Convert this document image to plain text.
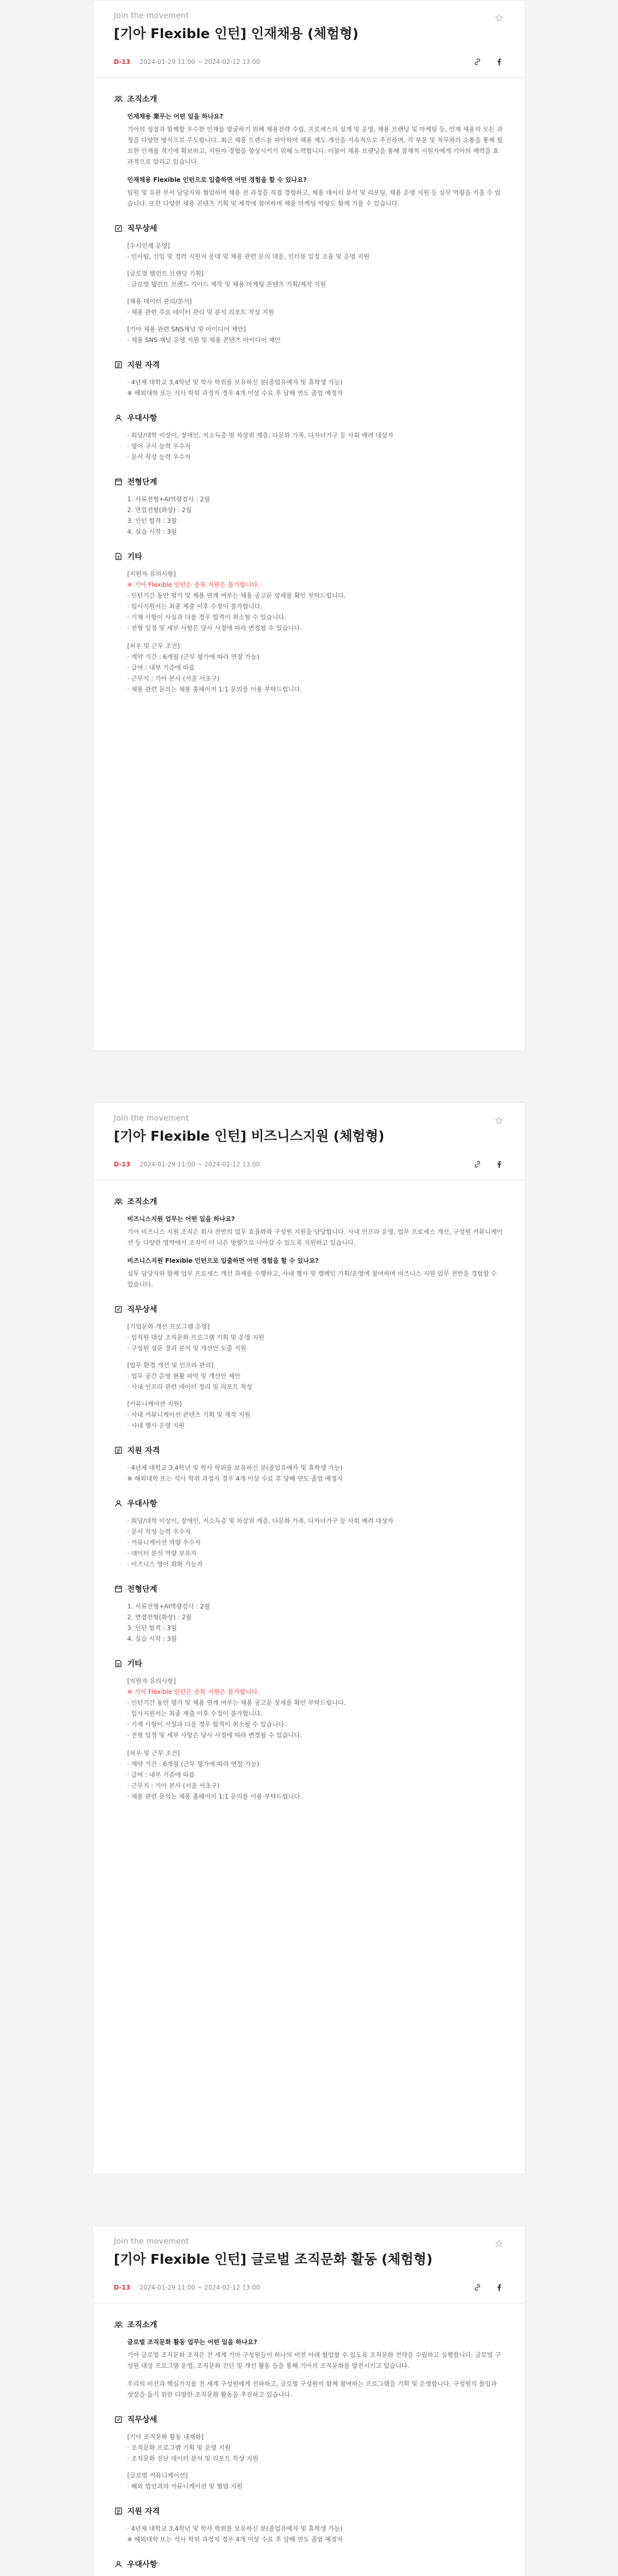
Join the movement
[기아 Flexible 인턴] 인재채용 (체험형)
D-13 2024-01-29 11:00 ~ 2024-02-12 13:00
조직소개
인재채용 業무는 어떤 일을 하나요?
기아의 성장과 함께할 우수한 인재를 발굴하기 위해 채용전략 수립, 프로세스의 설계 및 운영, 채용 브랜딩 및 마케팅 등, 인재 채용의 모든 과정을 다양한 방식으로 주도합니다. 최근 채용 트렌드를 파악하여 채용 제도 개선을 지속적으로 추진하며, 각 부문 및 직무와의 소통을 통해 필요한 인재를 적기에 확보하고, 지원자 경험을 향상시키기 위해 노력합니다. 더불어 채용 브랜딩을 통해 잠재적 지원자에게 기아의 매력을 효과적으로 알리고 있습니다.
인재채용 Flexible 인턴으로 입출하면 어떤 경험을 할 수 있나요?
팀원 및 유관 부서 담당자와 협업하며 채용 전 과정을 직접 경험하고, 채용 데이터 분석 및 리포팅, 채용 운영 지원 등 실무 역량을 키울 수 있습니다. 또한 다양한 채용 콘텐츠 기획 및 제작에 참여하며 채용 마케팅 역량도 함께 기를 수 있습니다.
직무상세
[수시인재 운영]
· 인사팀, 신입 및 경력 지원자 응대 및 채용 관련 문의 대응, 인터뷰 일정 조율 및 운영 지원
[글로벌 탤런트 브랜딩 기획]
· 글로벌 탤런트 브랜드 가이드 제작 및 채용 마케팅 콘텐츠 기획/제작 지원
[채용 데이터 관리/분석]
· 채용 관련 주요 데이터 관리 및 분석 리포트 작성 지원
[기아 채용 관련 SNS채널 및 아이디어 제안]
· 채용 SNS 채널 운영 지원 및 채용 콘텐츠 아이디어 제안
지원 자격
· 4년제 대학교 3,4학년 및 학사 학위를 보유하신 분(졸업유예자 및 휴학생 가능)
※ 해외대학 또는 석사 학위 과정자 경우 4개 이상 수료 후 당해 연도 졸업 예정자
우대사항
· 회당/대학 이상이, 장애인, 저소득층 및 차상위 계층, 다문화 가족, 다자녀가구 등 사회 배려 대상자
· 영어 구사 능력 우수자
· 문서 작성 능력 우수자
전형단계
1. 서류전형+AI역량검사 : 2월
2. 면접전형(화상) : 2월
3. 인턴 합격 : 3월
4. 실습 시작 : 3월
기타
[지원자 유의사항]
※ 기아 Flexible 인턴은 중복 지원은 불가합니다.
· 인턴기간 동안 평가 및 채용 연계 여부는 채용 공고문 상세를 확인 부탁드립니다.
· 입사지원서는 최종 제출 이후 수정이 불가합니다.
· 기재 사항이 사실과 다를 경우 합격이 취소될 수 있습니다.
· 전형 일정 및 세부 사항은 당사 사정에 따라 변경될 수 있습니다.
[처우 및 근무 조건]
· 계약 기간 : 6개월 (근무 평가에 따라 연장 가능)
· 급여 : 내부 기준에 따름
· 근무지 : 기아 본사 (서울 서초구)
· 채용 관련 문의는 채용 홈페이지 1:1 문의를 이용 부탁드립니다.
Join the movement
[기아 Flexible 인턴] 비즈니스지원 (체험형)
D-13 2024-01-29 11:00 ~ 2024-02-12 13:00
조직소개
비즈니스지원 업무는 어떤 일을 하나요?
기아 비즈니스 지원 조직은 회사 전반의 업무 효율화와 구성원 지원을 담당합니다. 사내 인프라 운영, 업무 프로세스 개선, 구성원 커뮤니케이션 등 다양한 영역에서 조직이 더 나은 방향으로 나아갈 수 있도록 지원하고 있습니다.
비즈니스지원 Flexible 인턴으로 입출하면 어떤 경험을 할 수 있나요?
실무 담당자와 함께 업무 프로세스 개선 과제를 수행하고, 사내 행사 및 캠페인 기획/운영에 참여하며 비즈니스 지원 업무 전반을 경험할 수 있습니다.
직무상세
[기업문화 개선 프로그램 운영]
· 임직원 대상 조직문화 프로그램 기획 및 운영 지원
· 구성원 설문 결과 분석 및 개선안 도출 지원
[업무 환경 개선 및 인프라 관리]
· 업무 공간 운영 현황 파악 및 개선안 제안
· 사내 인프라 관련 데이터 정리 및 리포트 작성
[커뮤니케이션 지원]
· 사내 커뮤니케이션 콘텐츠 기획 및 제작 지원
· 사내 행사 운영 지원
지원 자격
· 4년제 대학교 3,4학년 및 학사 학위를 보유하신 분(졸업유예자 및 휴학생 가능)
※ 해외대학 또는 석사 학위 과정자 경우 4개 이상 수료 후 당해 연도 졸업 예정자
우대사항
· 회당/대학 이상이, 장애인, 저소득층 및 차상위 계층, 다문화 가족, 다자녀가구 등 사회 배려 대상자
· 문서 작성 능력 우수자
· 커뮤니케이션 역량 우수자
· 데이터 분석 역량 보유자
· 비즈니스 영어 회화 가능자
전형단계
1. 서류전형+AI역량검사 : 2월
2. 면접전형(화상) : 2월
3. 인턴 합격 : 3월
4. 실습 시작 : 3월
기타
[지원자 유의사항]
※ 기아 Flexible 인턴은 중복 지원은 불가합니다.
· 인턴기간 동안 평가 및 채용 연계 여부는 채용 공고문 상세를 확인 부탁드립니다.
· 입사지원서는 최종 제출 이후 수정이 불가합니다.
· 기재 사항이 사실과 다를 경우 합격이 취소될 수 있습니다.
· 전형 일정 및 세부 사항은 당사 사정에 따라 변경될 수 있습니다.
[처우 및 근무 조건]
· 계약 기간 : 6개월 (근무 평가에 따라 연장 가능)
· 급여 : 내부 기준에 따름
· 근무지 : 기아 본사 (서울 서초구)
· 채용 관련 문의는 채용 홈페이지 1:1 문의를 이용 부탁드립니다.
Join the movement
[기아 Flexible 인턴] 글로벌 조직문화 활동 (체험형)
D-13 2024-01-29 11:00 ~ 2024-02-12 13:00
조직소개
글로벌 조직문화 활동 업무는 어떤 일을 하나요?
기아 글로벌 조직문화 조직은 전 세계 기아 구성원들이 하나의 비전 아래 협업할 수 있도록 조직문화 전략을 수립하고 실행합니다. 글로벌 구성원 대상 프로그램 운영, 조직문화 진단 및 개선 활동 등을 통해 기아의 조직문화를 발전시키고 있습니다.
우리의 비전과 핵심가치를 전 세계 구성원에게 전파하고, 글로벌 구성원이 함께 참여하는 프로그램을 기획 및 운영합니다. 구성원의 몰입과 성장을 돕기 위한 다양한 조직문화 활동을 추진하고 있습니다.
직무상세
[기아 조직문화 활동 내재화]
· 조직문화 프로그램 기획 및 운영 지원
· 조직문화 진단 데이터 분석 및 리포트 작성 지원
[글로벌 커뮤니케이션]
· 해외 법인과의 커뮤니케이션 및 협업 지원
지원 자격
· 4년제 대학교 3,4학년 및 학사 학위를 보유하신 분(졸업유예자 및 휴학생 가능)
※ 해외대학 또는 석사 학위 과정자 경우 4개 이상 수료 후 당해 연도 졸업 예정자
우대사항
